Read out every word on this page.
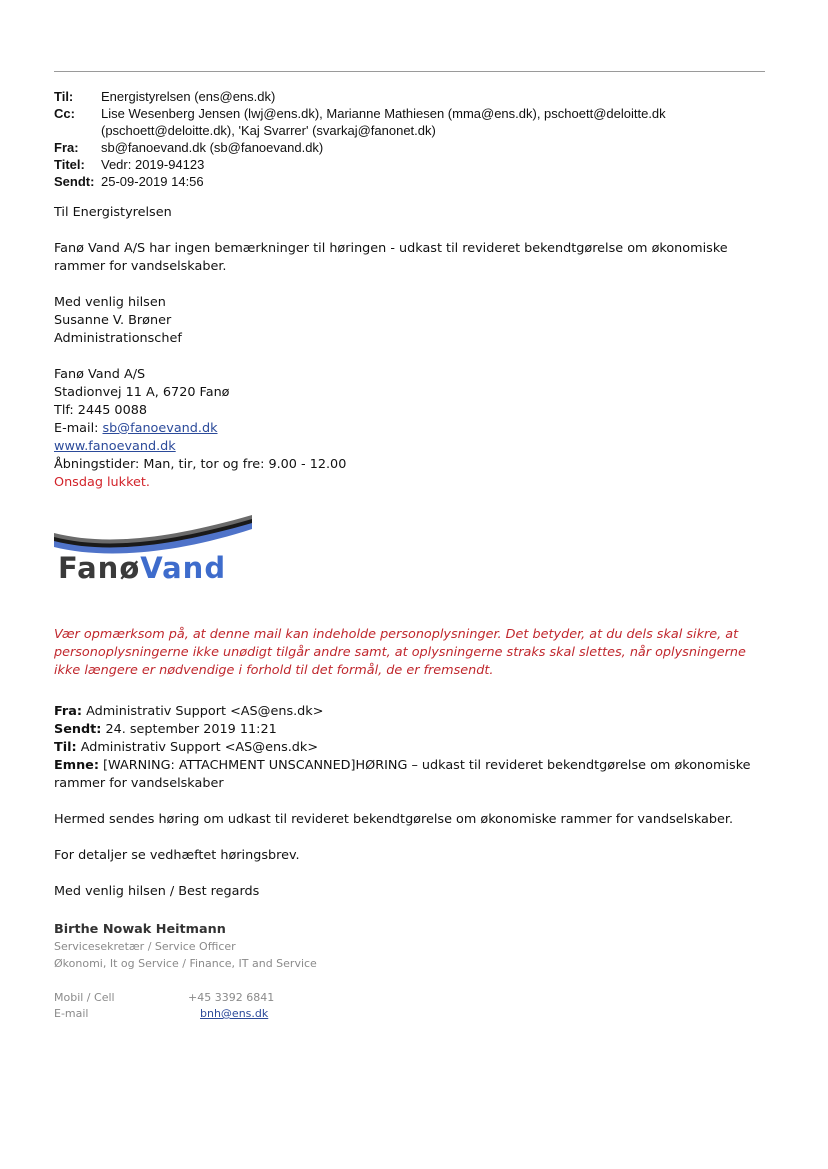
Til:	Energistyrelsen (ens@ens.dk)
Cc:	Lise Wesenberg Jensen (lwj@ens.dk), Marianne Mathiesen (mma@ens.dk), pschoett@deloitte.dk
(pschoett@deloitte.dk), 'Kaj Svarrer' (svarkaj@fanonet.dk)
Fra:	sb@fanoevand.dk (sb@fanoevand.dk)
Titel:	Vedr: 2019-94123
Sendt: 25-09-2019 14:56

Til Energistyrelsen

Fanø Vand A/S har ingen bemærkninger til høringen - udkast til revideret bekendtgørelse om økonomiske rammer for vandselskaber.

Med venlig hilsen

Susanne V. Brøner

Administrationschef

Fanø Vand A/S

Stadionvej 11 A, 6720 Fanø

Tlf: 2445 0088

E-mail: sb@fanoevand.dk

www.fanoevand.dk

Åbningstider: Man, tir, tor og fre: 9.00 - 12.00

Onsdag lukket.

FanøVand
Vær opmærksom på, at denne mail kan indeholde personoplysninger. Det betyder, at du dels skal sikre, at personoplysningerne ikke unødigt tilgår andre samt, at oplysningerne straks skal slettes, når oplysningerne ikke længere er nødvendige i forhold til det formål, de er fremsendt.

Fra: Administrativ Support <AS@ens.dk>

Sendt: 24. september 2019 11:21

Til: Administrativ Support <AS@ens.dk>

Emne: [WARNING: ATTACHMENT UNSCANNED]HØRING – udkast til revideret bekendtgørelse om økonomiske rammer for vandselskaber

Hermed sendes høring om udkast til revideret bekendtgørelse om økonomiske rammer for vandselskaber.

For detaljer se vedhæftet høringsbrev.

Med venlig hilsen / Best regards

Birthe Nowak Heitmann
Servicesekretær / Service Officer
Økonomi, It og Service / Finance, IT and Service
Mobil / Cell	+45 3392 6841
E-mail	bnh@ens.dk
